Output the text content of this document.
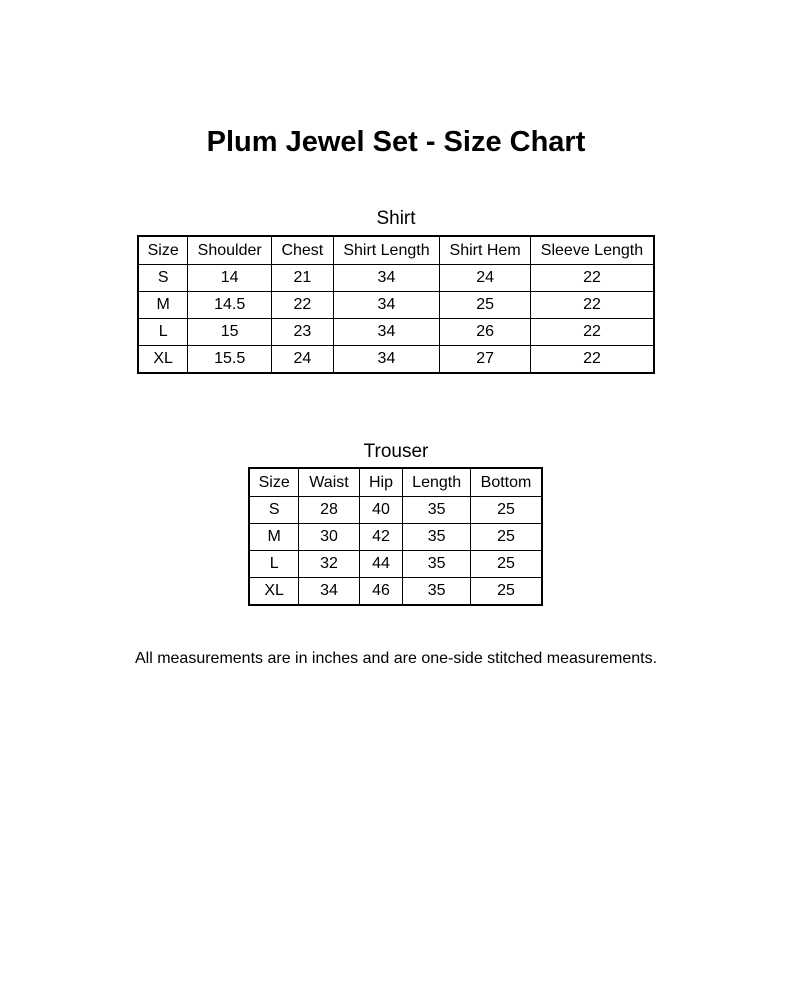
Plum Jewel Set - Size Chart
Shirt
Size	Shoulder	Chest	Shirt Length	Shirt Hem	Sleeve Length
S	14	21	34	24	22
M	14.5	22	34	25	22
L	15	23	34	26	22
XL	15.5	24	34	27	22
Trouser
Size	Waist	Hip	Length	Bottom
S	28	40	35	25
M	30	42	35	25
L	32	44	35	25
XL	34	46	35	25

All measurements are in inches and are one-side stitched measurements.
